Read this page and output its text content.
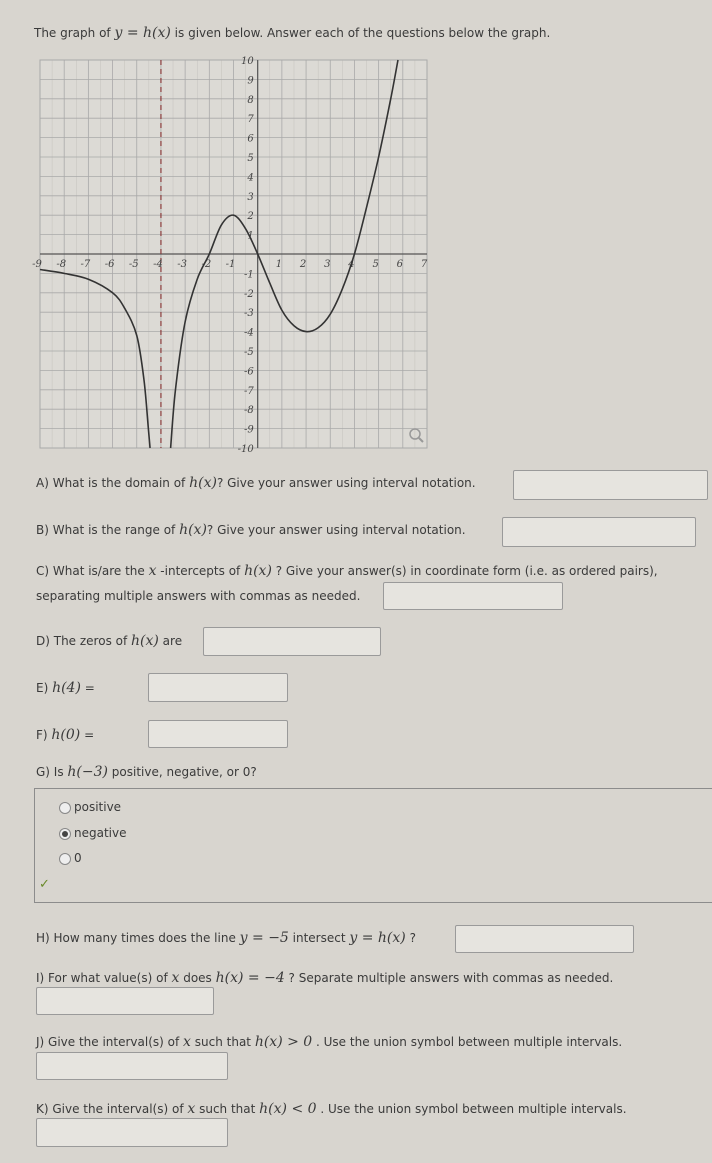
The graph of y = h(x) is given below. Answer each of the questions below the graph.
-9 -8 -7 -6 -5 -4 -3 -2 -1	1 2 3 4 5 6 7
-10
-9
-8
-7
-6
-5
-4
-3
-2
-1
1
2
3
4
5
6
7
8
9
10
A) What is the domain of h(x)? Give your answer using interval notation.
B) What is the range of h(x)? Give your answer using interval notation.
C) What is/are the x -intercepts of h(x) ? Give your answer(s) in coordinate form (i.e. as ordered pairs),
separating multiple answers with commas as needed.
D) The zeros of h(x) are
E) h(4) =
F) h(0) =
G) Is h(−3) positive, negative, or 0?
positive
negative
0
✓
H) How many times does the line y = −5 intersect y = h(x) ?
I) For what value(s) of x does h(x) = −4 ? Separate multiple answers with commas as needed.
J) Give the interval(s) of x such that h(x) > 0 . Use the union symbol between multiple intervals.
K) Give the interval(s) of x such that h(x) < 0 . Use the union symbol between multiple intervals.
